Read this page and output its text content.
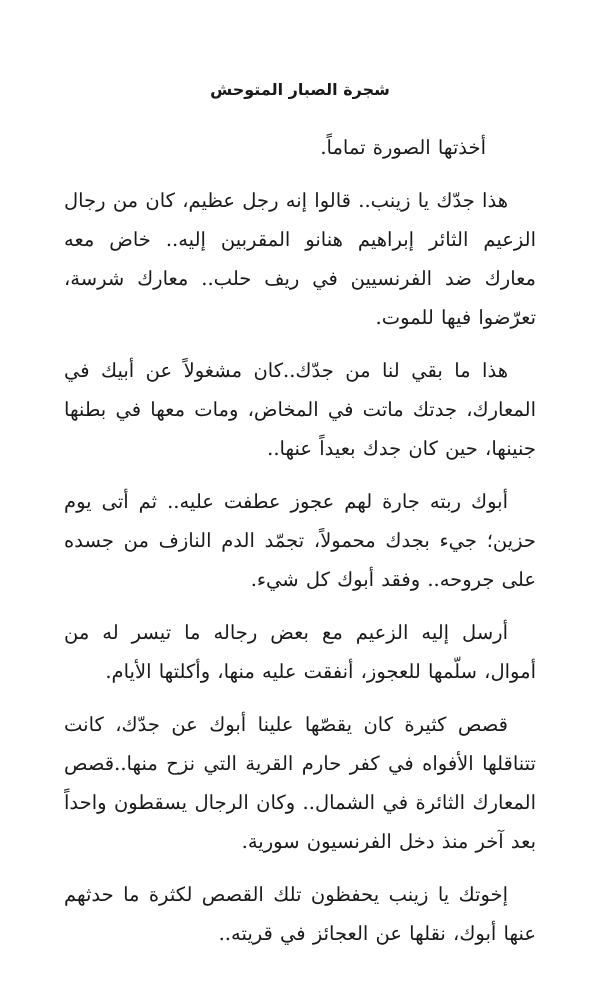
شجرة الصبار المتوحش

أخذتها الصورة تماماً.

هذا جدّك يا زينب.. قالوا إنه رجل عظيم، كان من رجال الزعيم الثائر إبراهيم هنانو المقربين إليه.. خاض معه معارك ضد الفرنسيين في ريف حلب.. معارك شرسة، تعرّضوا فيها للموت.

هذا ما بقي لنا من جدّك..كان مشغولاً عن أبيك في المعارك، جدتك ماتت في المخاض، ومات معها في بطنها جنينها، حين كان جدك بعيداً عنها..

أبوك ربته جارة لهم عجوز عطفت عليه.. ثم أتى يوم حزين؛ جيء بجدك محمولاً، تجمّد الدم النازف من جسده على جروحه.. وفقد أبوك كل شيء.

أرسل إليه الزعيم مع بعض رجاله ما تيسر له من أموال، سلّمها للعجوز، أنفقت عليه منها، وأكلتها الأيام.

قصص كثيرة كان يقصّها علينا أبوك عن جدّك، كانت تتناقلها الأفواه في كفر حارم القرية التي نزح منها..قصص المعارك الثائرة في الشمال.. وكان الرجال يسقطون واحداً بعد آخر منذ دخل الفرنسيون سورية.

إخوتك يا زينب يحفظون تلك القصص لكثرة ما حدثهم عنها أبوك، نقلها عن العجائز في قريته..
